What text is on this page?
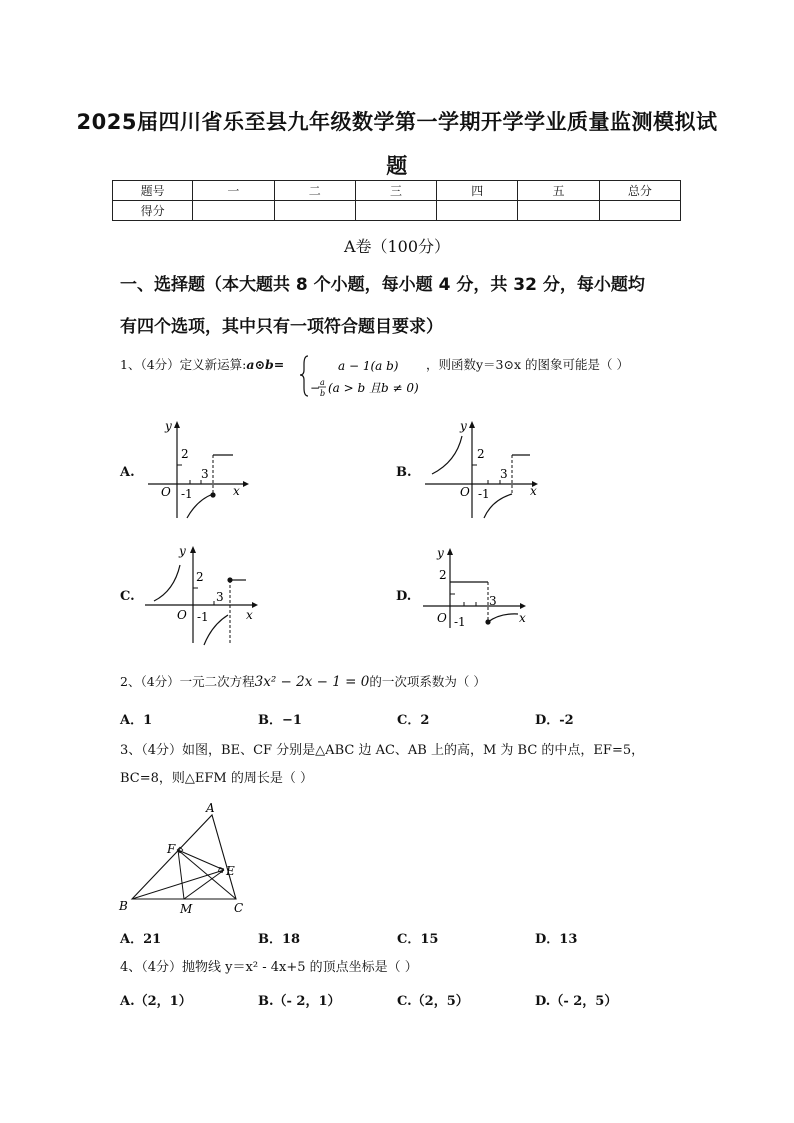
2025届四川省乐至县九年级数学第一学期开学学业质量监测模拟试
题
题号	一	二	三	四	五	总分
得分						
A卷（100分）
一、选择题（本大题共 8 个小题，每小题 4 分，共 32 分，每小题均
有四个选项，其中只有一项符合题目要求）
1、（4分）定义新运算:a⊙b=	a − 1(a b)
− a
b (a > b 且b ≠ 0)
，则函数y＝3⊙x 的图象可能是（ ）
A.
y
x
O
2
3
-1
B.
y
x
O
2
3
-1
C.
y
x
O
2
3
-1
D.
y
x
O
2
3
-1
2、（4分）一元二次方程3x² − 2x − 1 = 0的一次项系数为（ ）
A．1	B．−1	C．2	D．-2
3、（4分）如图，BE、CF 分别是△ABC 边 AC、AB 上的高，M 为 BC 的中点，EF=5，
BC=8，则△EFM 的周长是（ ）
A
B	C
E
F
M
A．21	B．18	C．15	D．13
4、（4分）抛物线 y＝x² - 4x+5 的顶点坐标是（ ）
A.（2，1）	B.（- 2，1）	C.（2，5）	D.（- 2，5）
